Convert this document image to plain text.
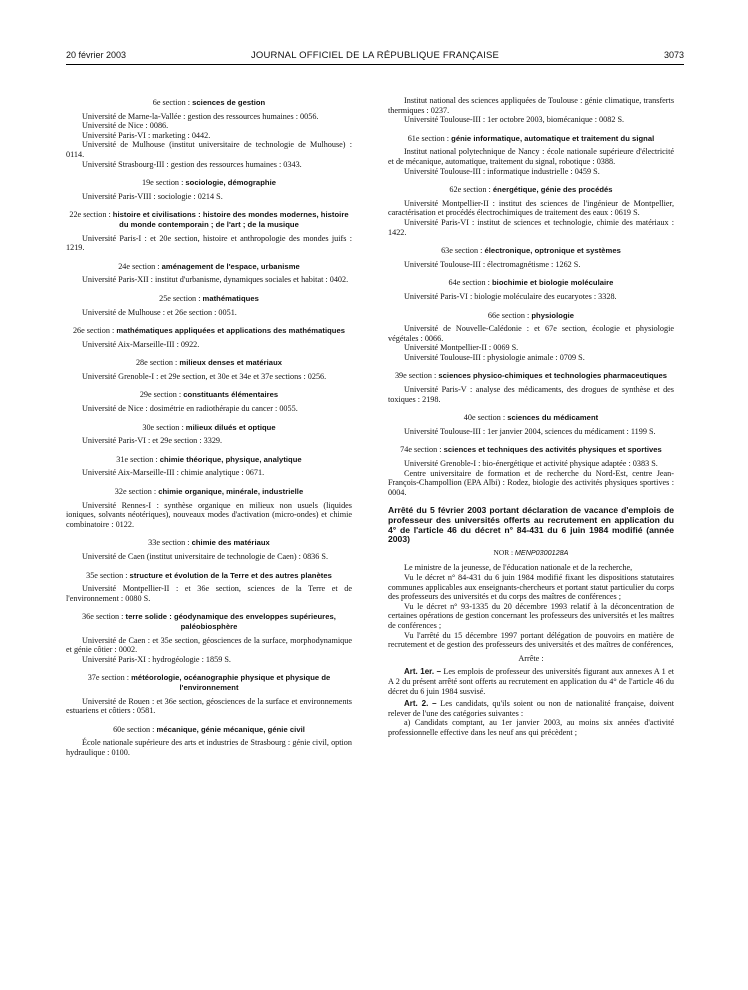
20 février 2003	JOURNAL OFFICIEL DE LA RÉPUBLIQUE FRANÇAISE	3073
6e section : sciences de gestion
Université de Marne-la-Vallée : gestion des ressources humaines : 0056.
Université de Nice : 0086.
Université Paris-VI : marketing : 0442.
Université de Mulhouse (institut universitaire de technologie de Mulhouse) : 0114.
Université Strasbourg-III : gestion des ressources humaines : 0343.
19e section : sociologie, démographie
Université Paris-VIII : sociologie : 0214 S.
22e section : histoire et civilisations : histoire des mondes modernes, histoire du monde contemporain ; de l'art ; de la musique
Université Paris-I : et 20e section, histoire et anthropologie des mondes juifs : 1219.
24e section : aménagement de l'espace, urbanisme
Université Paris-XII : institut d'urbanisme, dynamiques sociales et habitat : 0402.
25e section : mathématiques
Université de Mulhouse : et 26e section : 0051.
26e section : mathématiques appliquées et applications des mathématiques
Université Aix-Marseille-III : 0922.
28e section : milieux denses et matériaux
Université Grenoble-I : et 29e section, et 30e et 34e et 37e sections : 0256.
29e section : constituants élémentaires
Université de Nice : dosimétrie en radiothérapie du cancer : 0055.
30e section : milieux dilués et optique
Université Paris-VI : et 29e section : 3329.
31e section : chimie théorique, physique, analytique
Université Aix-Marseille-III : chimie analytique : 0671.
32e section : chimie organique, minérale, industrielle
Université Rennes-I : synthèse organique en milieux non usuels (liquides ioniques, solvants néotériques), nouveaux modes d'activation (micro-ondes) et chimie combinatoire : 0122.
33e section : chimie des matériaux
Université de Caen (institut universitaire de technologie de Caen) : 0836 S.
35e section : structure et évolution de la Terre et des autres planètes
Université Montpellier-II : et 36e section, sciences de la Terre et de l'environnement : 0080 S.
36e section : terre solide : géodynamique des enveloppes supérieures, paléobiosphère
Université de Caen : et 35e section, géosciences de la surface, morphodynamique et génie côtier : 0002.
Université Paris-XI : hydrogéologie : 1859 S.
37e section : météorologie, océanographie physique et physique de l'environnement
Université de Rouen : et 36e section, géosciences de la surface et environnements estuariens et côtiers : 0581.
60e section : mécanique, génie mécanique, génie civil
École nationale supérieure des arts et industries de Strasbourg : génie civil, option hydraulique : 0100.
Institut national des sciences appliquées de Toulouse : génie climatique, transferts thermiques : 0237.
Université Toulouse-III : 1er octobre 2003, biomécanique : 0082 S.
61e section : génie informatique, automatique et traitement du signal
Institut national polytechnique de Nancy : école nationale supérieure d'électricité et de mécanique, automatique, traitement du signal, robotique : 0388.
Université Toulouse-III : informatique industrielle : 0459 S.
62e section : énergétique, génie des procédés
Université Montpellier-II : institut des sciences de l'ingénieur de Montpellier, caractérisation et procédés électrochimiques de traitement des eaux : 0619 S.
Université Paris-VI : institut de sciences et technologie, chimie des matériaux : 1422.
63e section : électronique, optronique et systèmes
Université Toulouse-III : électromagnétisme : 1262 S.
64e section : biochimie et biologie moléculaire
Université Paris-VI : biologie moléculaire des eucaryotes : 3328.
66e section : physiologie
Université de Nouvelle-Calédonie : et 67e section, écologie et physiologie végétales : 0066.
Université Montpellier-II : 0069 S.
Université Toulouse-III : physiologie animale : 0709 S.
39e section : sciences physico-chimiques et technologies pharmaceutiques
Université Paris-V : analyse des médicaments, des drogues de synthèse et des toxiques : 2198.
40e section : sciences du médicament
Université Toulouse-III : 1er janvier 2004, sciences du médicament : 1199 S.
74e section : sciences et techniques des activités physiques et sportives
Université Grenoble-I : bio-énergétique et activité physique adaptée : 0383 S.
Centre universitaire de formation et de recherche du Nord-Est, centre Jean-François-Champollion (EPA Albi) : Rodez, biologie des activités physiques sportives : 0004.
Arrêté du 5 février 2003 portant déclaration de vacance d'emplois de professeur des universités offerts au recrutement en application du 4° de l'article 46 du décret n° 84-431 du 6 juin 1984 modifié (année 2003)
NOR : MENP0300128A
Le ministre de la jeunesse, de l'éducation nationale et de la recherche,
Vu le décret n° 84-431 du 6 juin 1984 modifié fixant les dispositions statutaires communes applicables aux enseignants-chercheurs et portant statut particulier du corps des professeurs des universités et du corps des maîtres de conférences ;
Vu le décret n° 93-1335 du 20 décembre 1993 relatif à la déconcentration de certaines opérations de gestion concernant les professeurs des universités et les maîtres de conférences ;
Vu l'arrêté du 15 décembre 1997 portant délégation de pouvoirs en matière de recrutement et de gestion des professeurs des universités et des maîtres de conférences,
Arrête :
Art. 1er. – Les emplois de professeur des universités figurant aux annexes A 1 et A 2 du présent arrêté sont offerts au recrutement en application du 4° de l'article 46 du décret du 6 juin 1984 susvisé.
Art. 2. – Les candidats, qu'ils soient ou non de nationalité française, doivent relever de l'une des catégories suivantes :
a) Candidats comptant, au 1er janvier 2003, au moins six années d'activité professionnelle effective dans les neuf ans qui précèdent ;
